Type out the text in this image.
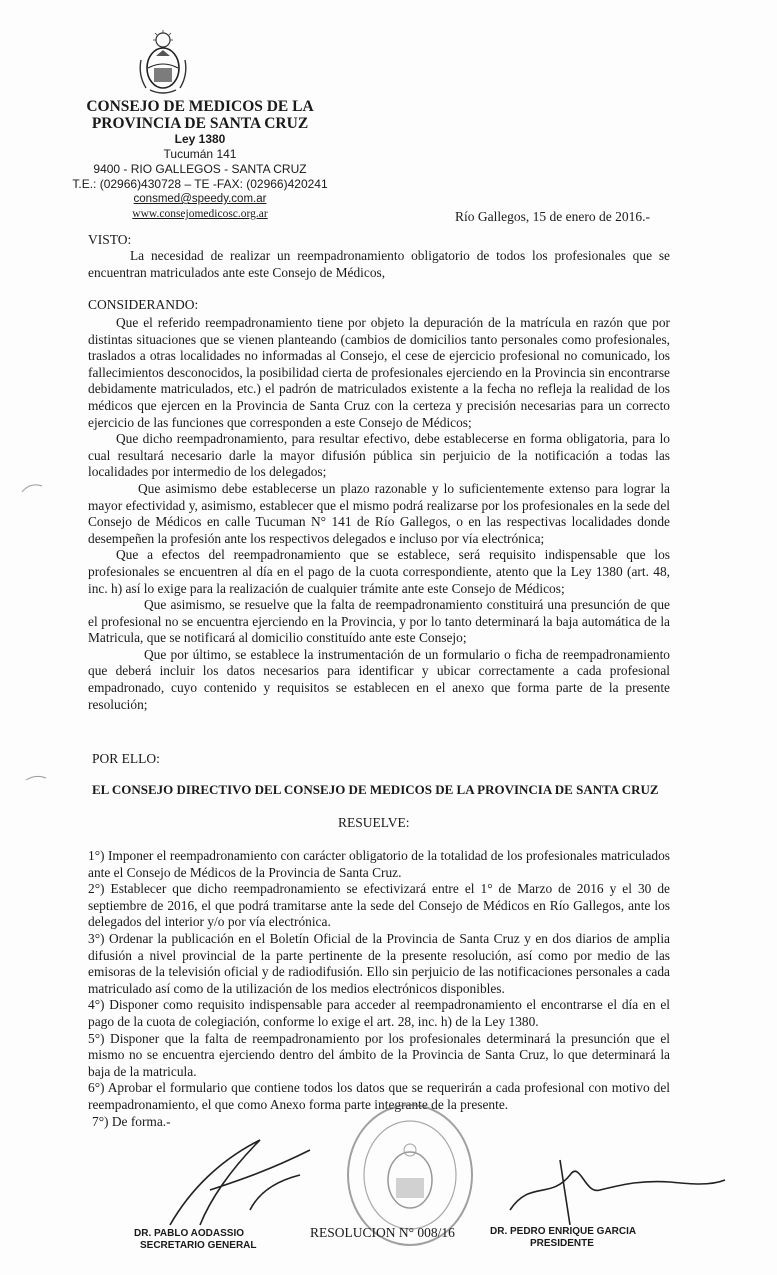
CONSEJO DE MEDICOS DE LA
PROVINCIA DE SANTA CRUZ
Ley 1380
Tucumán 141
9400 - RIO GALLEGOS - SANTA CRUZ
T.E.: (02966)430728 – TE -FAX: (02966)420241
consmed@speedy.com.ar
www.consejomedicosc.org.ar	Río Gallegos, 15 de enero de 2016.-
VISTO:
La necesidad de realizar un reempadronamiento obligatorio de todos los profesionales que se encuentran matriculados ante este Consejo de Médicos,
CONSIDERANDO:

Que el referido reempadronamiento tiene por objeto la depuración de la matrícula en razón que por distintas situaciones que se vienen planteando (cambios de domicilios tanto personales como profesionales, traslados a otras localidades no informadas al Consejo, el cese de ejercicio profesional no comunicado, los fallecimientos desconocidos, la posibilidad cierta de profesionales ejerciendo en la Provincia sin encontrarse debidamente matriculados, etc.) el padrón de matriculados existente a la fecha no refleja la realidad de los médicos que ejercen en la Provincia de Santa Cruz con la certeza y precisión necesarias para un correcto ejercicio de las funciones que corresponden a este Consejo de Médicos;

Que dicho reempadronamiento, para resultar efectivo, debe establecerse en forma obligatoria, para lo cual resultará necesario darle la mayor difusión pública sin perjuicio de la notificación a todas las localidades por intermedio de los delegados;

Que asimismo debe establecerse un plazo razonable y lo suficientemente extenso para lograr la mayor efectividad y, asimismo, establecer que el mismo podrá realizarse por los profesionales en la sede del Consejo de Médicos en calle Tucuman N° 141 de Río Gallegos, o en las respectivas localidades donde desempeñen la profesión ante los respectivos delegados e incluso por vía electrónica;

Que a efectos del reempadronamiento que se establece, será requisito indispensable que los profesionales se encuentren al día en el pago de la cuota correspondiente, atento que la Ley 1380 (art. 48, inc. h) así lo exige para la realización de cualquier trámite ante este Consejo de Médicos;

Que asimismo, se resuelve que la falta de reempadronamiento constituirá una presunción de que el profesional no se encuentra ejerciendo en la Provincia, y por lo tanto determinará la baja automática de la Matricula, que se notificará al domicilio constituído ante este Consejo;

Que por último, se establece la instrumentación de un formulario o ficha de reempadronamiento que deberá incluir los datos necesarios para identificar y ubicar correctamente a cada profesional empadronado, cuyo contenido y requisitos se establecen en el anexo que forma parte de la presente resolución;

POR ELLO:
EL CONSEJO DIRECTIVO DEL CONSEJO DE MEDICOS DE LA PROVINCIA DE SANTA CRUZ
RESUELVE:

1°) Imponer el reempadronamiento con carácter obligatorio de la totalidad de los profesionales matriculados ante el Consejo de Médicos de la Provincia de Santa Cruz.

2°) Establecer que dicho reempadronamiento se efectivizará entre el 1° de Marzo de 2016 y el 30 de septiembre de 2016, el que podrá tramitarse ante la sede del Consejo de Médicos en Río Gallegos, ante los delegados del interior y/o por vía electrónica.

3°) Ordenar la publicación en el Boletín Oficial de la Provincia de Santa Cruz y en dos diarios de amplia difusión a nivel provincial de la parte pertinente de la presente resolución, así como por medio de las emisoras de la televisión oficial y de radiodifusión. Ello sin perjuicio de las notificaciones personales a cada matriculado así como de la utilización de los medios electrónicos disponibles.

4°) Disponer como requisito indispensable para acceder al reempadronamiento el encontrarse el día en el pago de la cuota de colegiación, conforme lo exige el art. 28, inc. h) de la Ley 1380.

5°) Disponer que la falta de reempadronamiento por los profesionales determinará la presunción que el mismo no se encuentra ejerciendo dentro del ámbito de la Provincia de Santa Cruz, lo que determinará la baja de la matricula.

6°) Aprobar el formulario que contiene todos los datos que se requerirán a cada profesional con motivo del reempadronamiento, el que como Anexo forma parte integrante de la presente.

7°) De forma.-

DR. PABLO AODASSIO
SECRETARIO GENERAL
RESOLUCION N° 008/16	DR. PEDRO ENRIQUE GARCIA
PRESIDENTE
